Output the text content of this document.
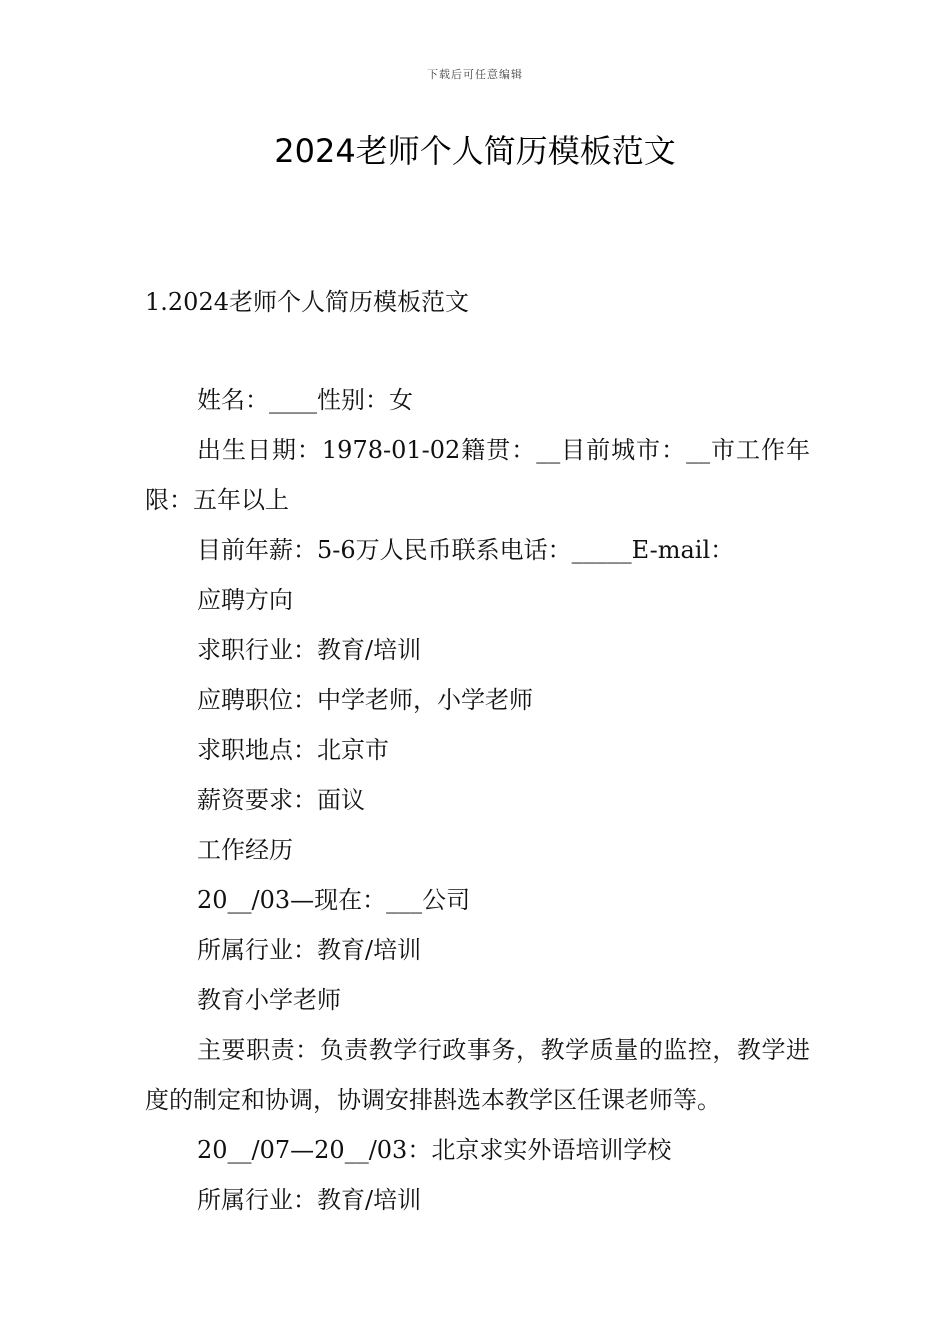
下载后可任意编辑
2024老师个人简历模板范文
1.2024老师个人简历模板范文

姓名：____性别：女

出生日期：1978-01-02籍贯：__目前城市：__市工作年限：五年以上

目前年薪：5-6万人民币联系电话：_____E-mail：

应聘方向

求职行业：教育/培训

应聘职位：中学老师，小学老师

求职地点：北京市

薪资要求：面议

工作经历

20__/03—现在：___公司

所属行业：教育/培训

教育小学老师

主要职责：负责教学行政事务，教学质量的监控，教学进度的制定和协调，协调安排斟选本教学区任课老师等。

20__/07—20__/03：北京求实外语培训学校

所属行业：教育/培训
